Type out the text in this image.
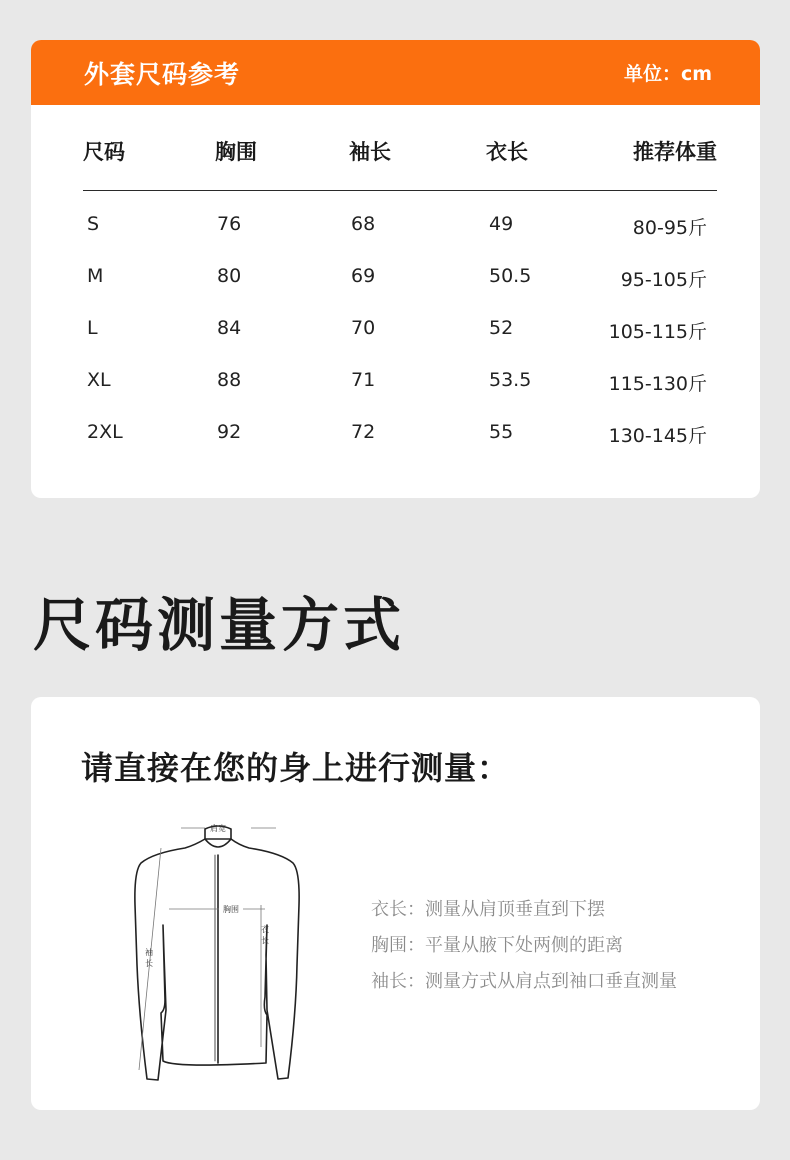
外套尺码参考	单位：cm
尺码	胸围	袖长	衣长	推荐体重
S	76	68	49	80-95斤
M	80	69	50.5	95-105斤
L	84	70	52	105-115斤
XL	88	71	53.5	115-130斤
2XL	92	72	55	130-145斤
尺码测量方式
请直接在您的身上进行测量：
肩宽
胸围
衣
长
袖
长
衣长：测量从肩顶垂直到下摆
胸围：平量从腋下处两侧的距离
袖长：测量方式从肩点到袖口垂直测量
